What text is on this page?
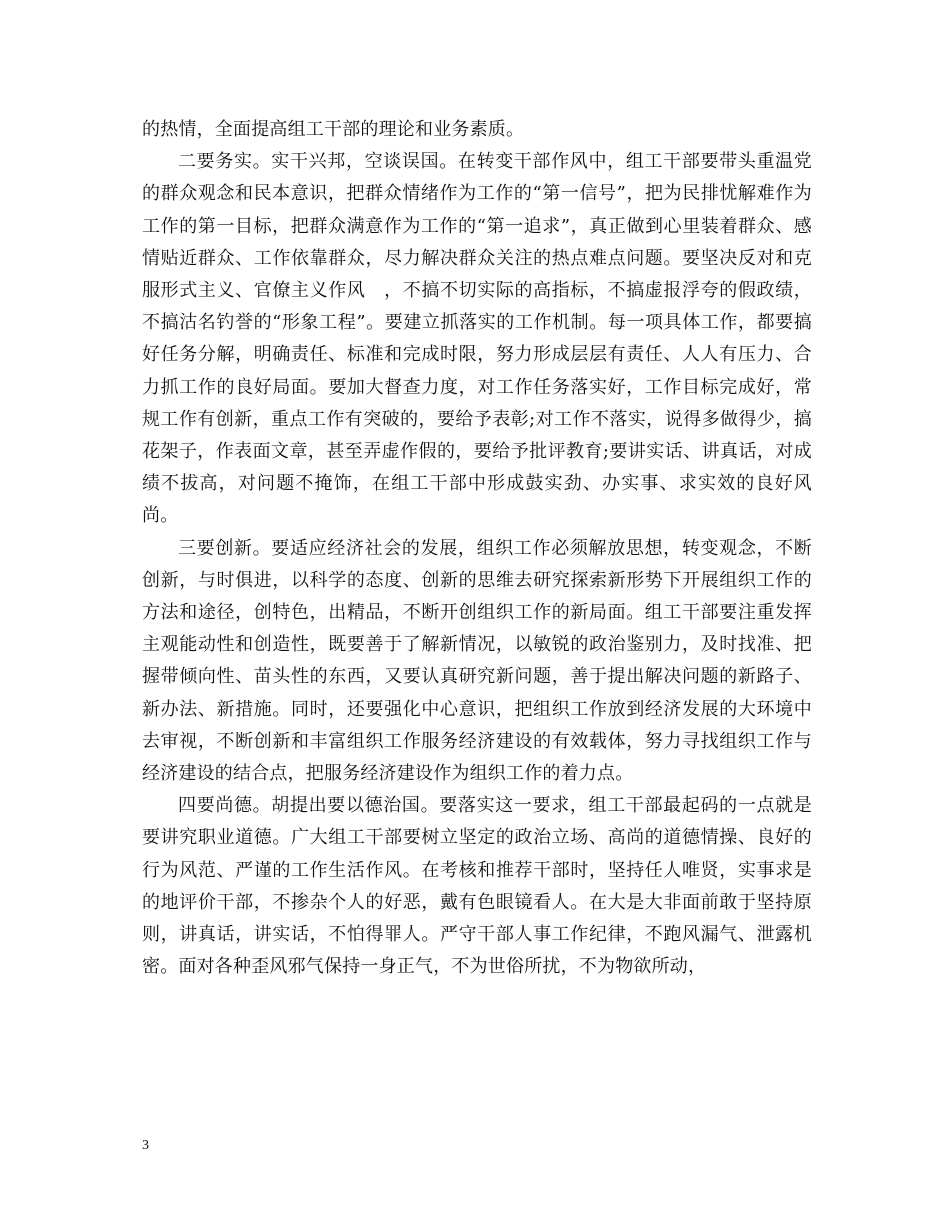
的热情，全面提高组工干部的理论和业务素质。

二要务实。实干兴邦，空谈误国。在转变干部作风中，组工干部要带头重温党的群众观念和民本意识，把群众情绪作为工作的“第一信号”，把为民排忧解难作为工作的第一目标，把群众满意作为工作的“第一追求”，真正做到心里装着群众、感情贴近群众、工作依靠群众，尽力解决群众关注的热点难点问题。要坚决反对和克服形式主义、官僚主义作风　，不搞不切实际的高指标，不搞虚报浮夸的假政绩，不搞沽名钓誉的“形象工程”。要建立抓落实的工作机制。每一项具体工作，都要搞好任务分解，明确责任、标准和完成时限，努力形成层层有责任、人人有压力、合力抓工作的良好局面。要加大督查力度，对工作任务落实好，工作目标完成好，常规工作有创新，重点工作有突破的，要给予表彰;对工作不落实，说得多做得少，搞花架子，作表面文章，甚至弄虚作假的，要给予批评教育;要讲实话、讲真话，对成绩不拔高，对问题不掩饰，在组工干部中形成鼓实劲、办实事、求实效的良好风尚。

三要创新。要适应经济社会的发展，组织工作必须解放思想，转变观念，不断创新，与时俱进，以科学的态度、创新的思维去研究探索新形势下开展组织工作的方法和途径，创特色，出精品，不断开创组织工作的新局面。组工干部要注重发挥主观能动性和创造性，既要善于了解新情况，以敏锐的政治鉴别力，及时找准、把握带倾向性、苗头性的东西，又要认真研究新问题，善于提出解决问题的新路子、新办法、新措施。同时，还要强化中心意识，把组织工作放到经济发展的大环境中去审视，不断创新和丰富组织工作服务经济建设的有效载体，努力寻找组织工作与经济建设的结合点，把服务经济建设作为组织工作的着力点。

四要尚德。胡提出要以德治国。要落实这一要求，组工干部最起码的一点就是要讲究职业道德。广大组工干部要树立坚定的政治立场、高尚的道德情操、良好的行为风范、严谨的工作生活作风。在考核和推荐干部时，坚持任人唯贤，实事求是的地评价干部，不掺杂个人的好恶，戴有色眼镜看人。在大是大非面前敢于坚持原则，讲真话，讲实话，不怕得罪人。严守干部人事工作纪律，不跑风漏气、泄露机密。面对各种歪风邪气保持一身正气，不为世俗所扰，不为物欲所动，

3
